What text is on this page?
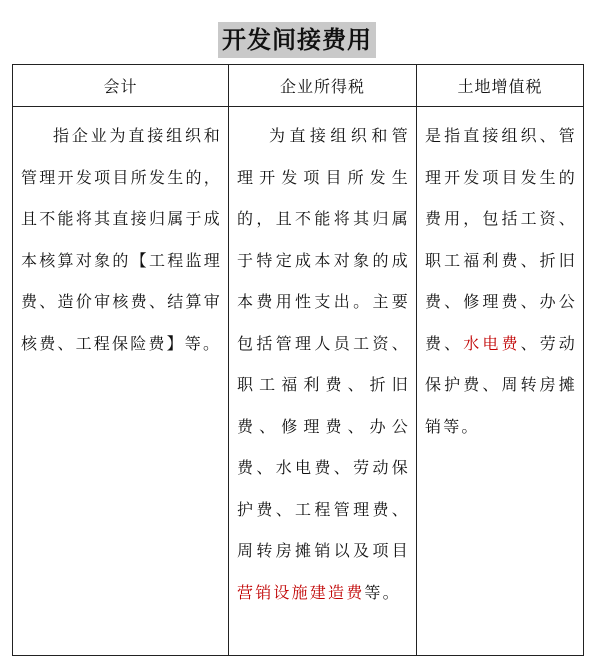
开发间接费用
会计	企业所得税	土地增值税

指企业为直接组织和管理开发项目所发生的，且不能将其直接归属于成本核算对象的【工程监理费、造价审核费、结算审核费、工程保险费】等。	为直接组织和管理开发项目所发生的，且不能将其归属于特定成本对象的成本费用性支出。主要包括管理人员工资、职工福利费、折旧费、修理费、办公费、水电费、劳动保护费、工程管理费、周转房摊销以及项目营销设施建造费等。	是指直接组织、管理开发项目发生的费用，包括工资、职工福利费、折旧费、修理费、办公费、水电费、劳动保护费、周转房摊销等。
